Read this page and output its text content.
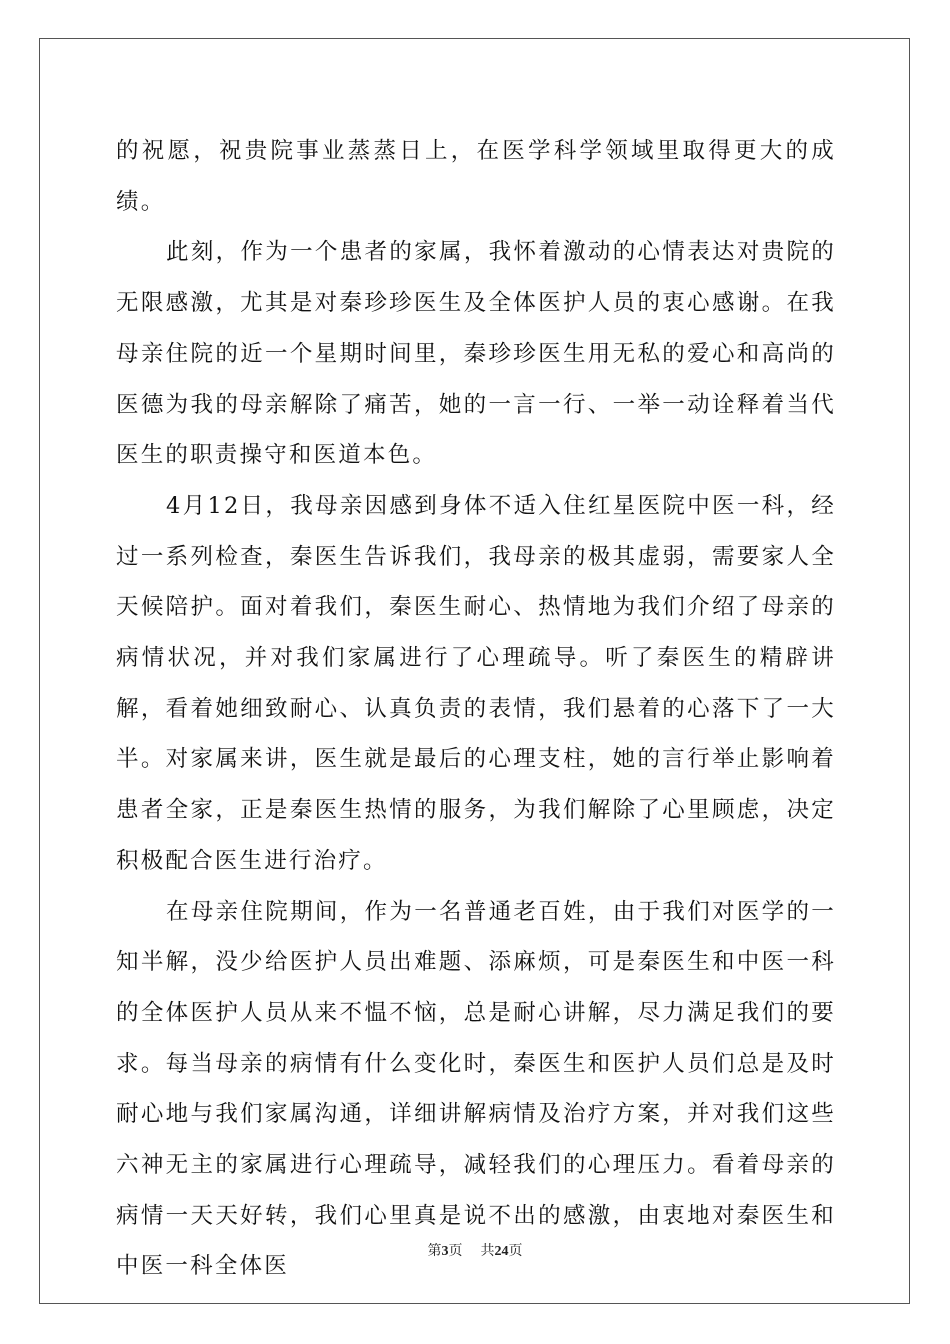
的祝愿，祝贵院事业蒸蒸日上，在医学科学领域里取得更大的成绩。

此刻，作为一个患者的家属，我怀着激动的心情表达对贵院的无限感激，尤其是对秦珍珍医生及全体医护人员的衷心感谢。在我母亲住院的近一个星期时间里，秦珍珍医生用无私的爱心和高尚的医德为我的母亲解除了痛苦，她的一言一行、一举一动诠释着当代医生的职责操守和医道本色。

4月12日，我母亲因感到身体不适入住红星医院中医一科，经过一系列检查，秦医生告诉我们，我母亲的极其虚弱，需要家人全天候陪护。面对着我们，秦医生耐心、热情地为我们介绍了母亲的病情状况，并对我们家属进行了心理疏导。听了秦医生的精辟讲解，看着她细致耐心、认真负责的表情，我们悬着的心落下了一大半。对家属来讲，医生就是最后的心理支柱，她的言行举止影响着患者全家，正是秦医生热情的服务，为我们解除了心里顾虑，决定积极配合医生进行治疗。

在母亲住院期间，作为一名普通老百姓，由于我们对医学的一知半解，没少给医护人员出难题、添麻烦，可是秦医生和中医一科的全体医护人员从来不愠不恼，总是耐心讲解，尽力满足我们的要求。每当母亲的病情有什么变化时，秦医生和医护人员们总是及时耐心地与我们家属沟通，详细讲解病情及治疗方案，并对我们这些六神无主的家属进行心理疏导，减轻我们的心理压力。看着母亲的病情一天天好转，我们心里真是说不出的感激，由衷地对秦医生和中医一科全体医

第3页 共24页
